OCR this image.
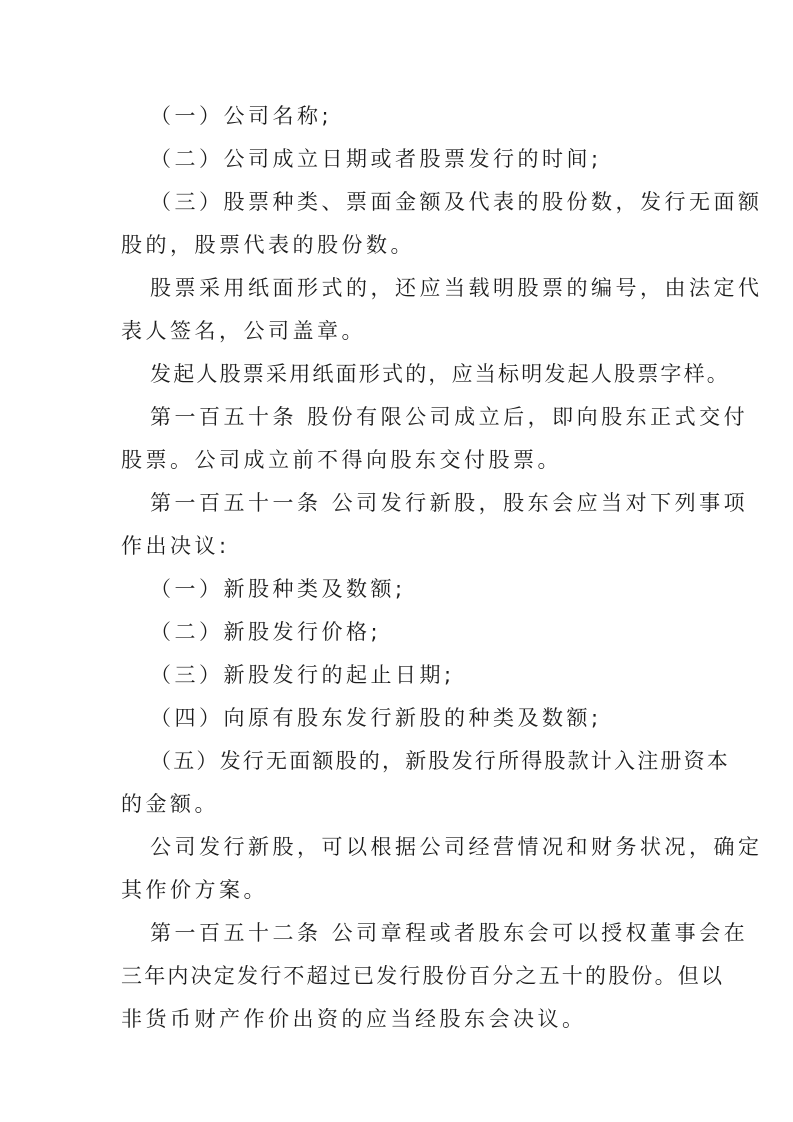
（一）公司名称;
（二）公司成立日期或者股票发行的时间;
（三）股票种类、票面金额及代表的股份数，发行无面额
股的，股票代表的股份数。
股票采用纸面形式的，还应当载明股票的编号，由法定代
表人签名，公司盖章。
发起人股票采用纸面形式的，应当标明发起人股票字样。
第一百五十条 股份有限公司成立后，即向股东正式交付
股票。公司成立前不得向股东交付股票。
第一百五十一条 公司发行新股，股东会应当对下列事项
作出决议:
（一）新股种类及数额;
（二）新股发行价格;
（三）新股发行的起止日期;
（四）向原有股东发行新股的种类及数额;
（五）发行无面额股的，新股发行所得股款计入注册资本
的金额。
公司发行新股，可以根据公司经营情况和财务状况，确定
其作价方案。
第一百五十二条 公司章程或者股东会可以授权董事会在
三年内决定发行不超过已发行股份百分之五十的股份。但以
非货币财产作价出资的应当经股东会决议。
